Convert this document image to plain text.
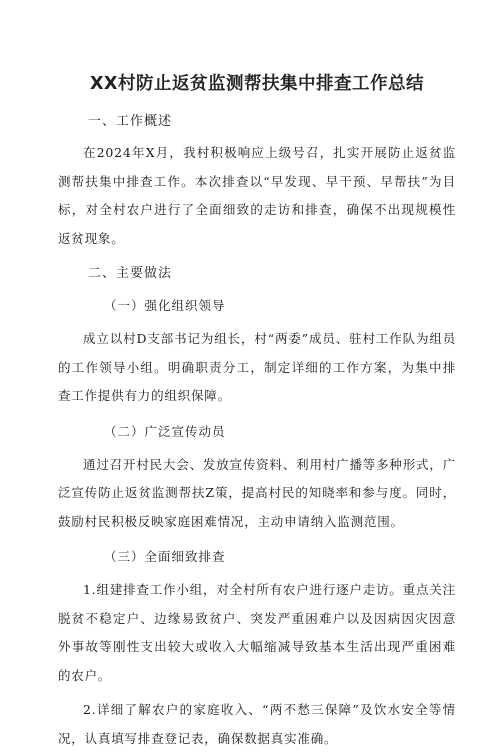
XX村防止返贫监测帮扶集中排查工作总结
一、工作概述

在2024年X月，我村积极响应上级号召，扎实开展防止返贫监测帮扶集中排查工作。本次排查以“早发现、早干预、早帮扶”为目标，对全村农户进行了全面细致的走访和排查，确保不出现规模性返贫现象。

二、主要做法
（一）强化组织领导

成立以村D支部书记为组长，村“两委”成员、驻村工作队为组员的工作领导小组。明确职责分工，制定详细的工作方案，为集中排查工作提供有力的组织保障。

（二）广泛宣传动员

通过召开村民大会、发放宣传资料、利用村广播等多种形式，广泛宣传防止返贫监测帮扶Z策，提高村民的知晓率和参与度。同时，鼓励村民积极反映家庭困难情况，主动申请纳入监测范围。

（三）全面细致排查

1.组建排查工作小组，对全村所有农户进行逐户走访。重点关注脱贫不稳定户、边缘易致贫户、突发严重困难户以及因病因灾因意外事故等刚性支出较大或收入大幅缩减导致基本生活出现严重困难的农户。

2.详细了解农户的家庭收入、“两不愁三保障”及饮水安全等情况，认真填写排查登记表，确保数据真实准确。
